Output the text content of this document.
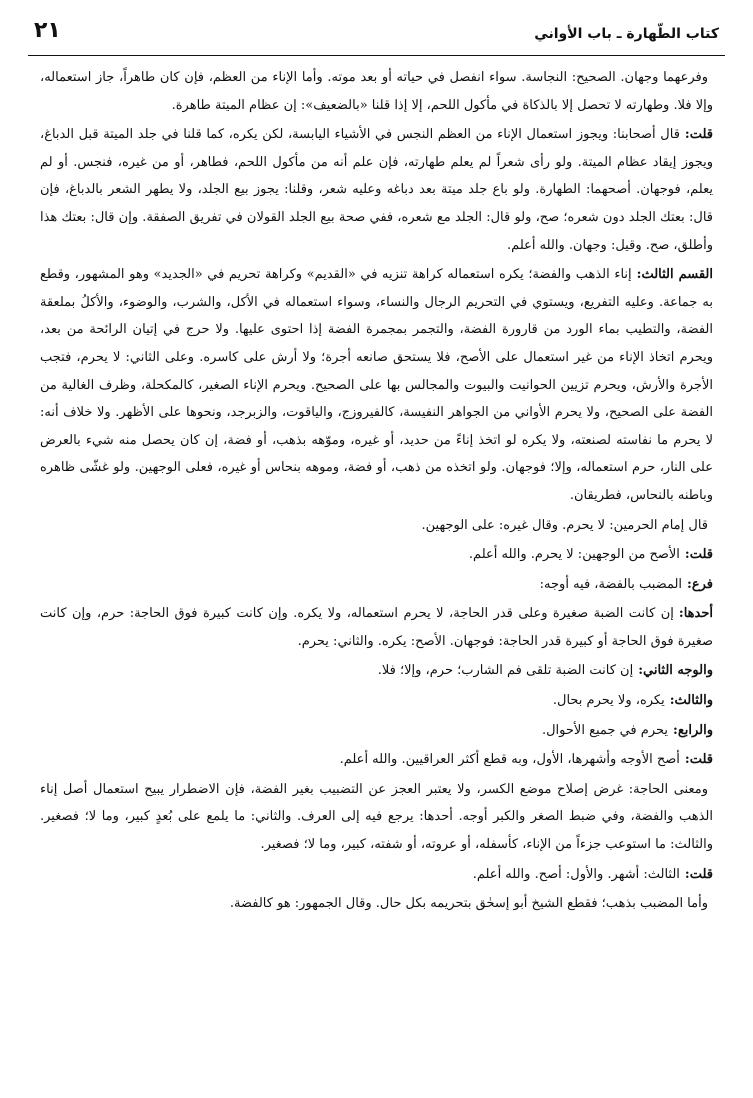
كتاب الطّهارة ـ باب الأواني
٢١

وفرعهما وجهان. الصحيح: النجاسة. سواء انفصل في حياته أو بعد موته. وأما الإناء من العظم، فإن كان طاهراً، جاز استعماله، وإلا فلا. وطهارته لا تحصل إلا بالذكاة في مأكول اللحم، إلا إذا قلنا «بالضعيف»: إن عظام الميتة طاهرة.

قلت:قال أصحابنا: ويجوز استعمال الإناء من العظم النجس في الأشياء اليابسة، لكن يكره، كما قلنا في جلد الميتة قبل الدباغ، ويجوز إيقاد عظام الميتة. ولو رأى شعراً لم يعلم طهارته، فإن علم أنه من مأكول اللحم، فطاهر، أو من غيره، فنجس. أو لم يعلم، فوجهان. أصحهما: الطهارة. ولو باع جلد ميتة بعد دباغه وعليه شعر، وقلنا: يجوز بيع الجلد، ولا يطهر الشعر بالدباغ، فإن قال: بعتك الجلد دون شعره؛ صح، ولو قال: الجلد مع شعره، ففي صحة بيع الجلد القولان في تفريق الصفقة. وإن قال: بعتك هذا وأطلق، صح. وقيل: وجهان. والله أعلم.

القسم الثالث:إناء الذهب والفضة؛ يكره استعماله كراهة تنزيه في «القديم» وكراهة تحريم في «الجديد» وهو المشهور، وقطع به جماعة. وعليه التفريع، ويستوي في التحريم الرجال والنساء، وسواء استعماله في الأكل، والشرب، والوضوء، والأكلُ بملعقة الفضة، والتطيب بماء الورد من قارورة الفضة، والتجمر بمجمرة الفضة إذا احتوى عليها. ولا حرج في إتيان الرائحة من بعد، ويحرم اتخاذ الإناء من غير استعمال على الأصح، فلا يستحق صانعه أجرة؛ ولا أرش على كاسره. وعلى الثاني: لا يحرم، فتجب الأجرة والأرش، ويحرم تزيين الحوانيت والبيوت والمجالس بها على الصحيح. ويحرم الإناء الصغير، كالمكحلة، وظرف الغالية من الفضة على الصحيح، ولا يحرم الأواني من الجواهر النفيسة، كالفيروزج، والياقوت، والزبرجد، ونحوها على الأظهر. ولا خلاف أنه: لا يحرم ما نفاسته لصنعته، ولا يكره لو اتخذ إناءً من حديد، أو غيره، وموّهه بذهب، أو فضة، إن كان يحصل منه شيء بالعرض على النار، حرم استعماله، وإلا؛ فوجهان. ولو اتخذه من ذهب، أو فضة، وموهه بنحاس أو غيره، فعلى الوجهين. ولو غشّى ظاهره وباطنه بالنحاس، فطريقان.

قال إمام الحرمين: لا يحرم. وقال غيره: على الوجهين.

قلت:الأصح من الوجهين: لا يحرم. والله أعلم.

فرع:المضبب بالفضة، فيه أوجه:

أحدها:إن كانت الضبة صغيرة وعلى قدر الحاجة، لا يحرم استعماله، ولا يكره. وإن كانت كبيرة فوق الحاجة: حرم، وإن كانت صغيرة فوق الحاجة أو كبيرة قدر الحاجة: فوجهان. الأصح: يكره. والثاني: يحرم.

والوجه الثاني:إن كانت الضبة تلقى فم الشارب؛ حرم، وإلا؛ فلا.

والثالث:يكره، ولا يحرم بحال.

والرابع:يحرم في جميع الأحوال.

قلت:أصح الأوجه وأشهرها، الأول، وبه قطع أكثر العراقيين. والله أعلم.

ومعنى الحاجة: غرض إصلاح موضع الكسر، ولا يعتبر العجز عن التضبيب بغير الفضة، فإن الاضطرار يبيح استعمال أصل إناء الذهب والفضة، وفي ضبط الصغر والكبر أوجه. أحدها: يرجع فيه إلى العرف. والثاني: ما يلمع على بُعدٍ كبير، وما لا؛ فصغير. والثالث: ما استوعب جزءاً من الإناء، كأسفله، أو عروته، أو شفته، كبير، وما لا؛ فصغير.

قلت:الثالث: أشهر. والأول: أصح. والله أعلم.

وأما المضبب بذهب؛ فقطع الشيخ أبو إسحٰق بتحريمه بكل حال. وقال الجمهور: هو كالفضة.
